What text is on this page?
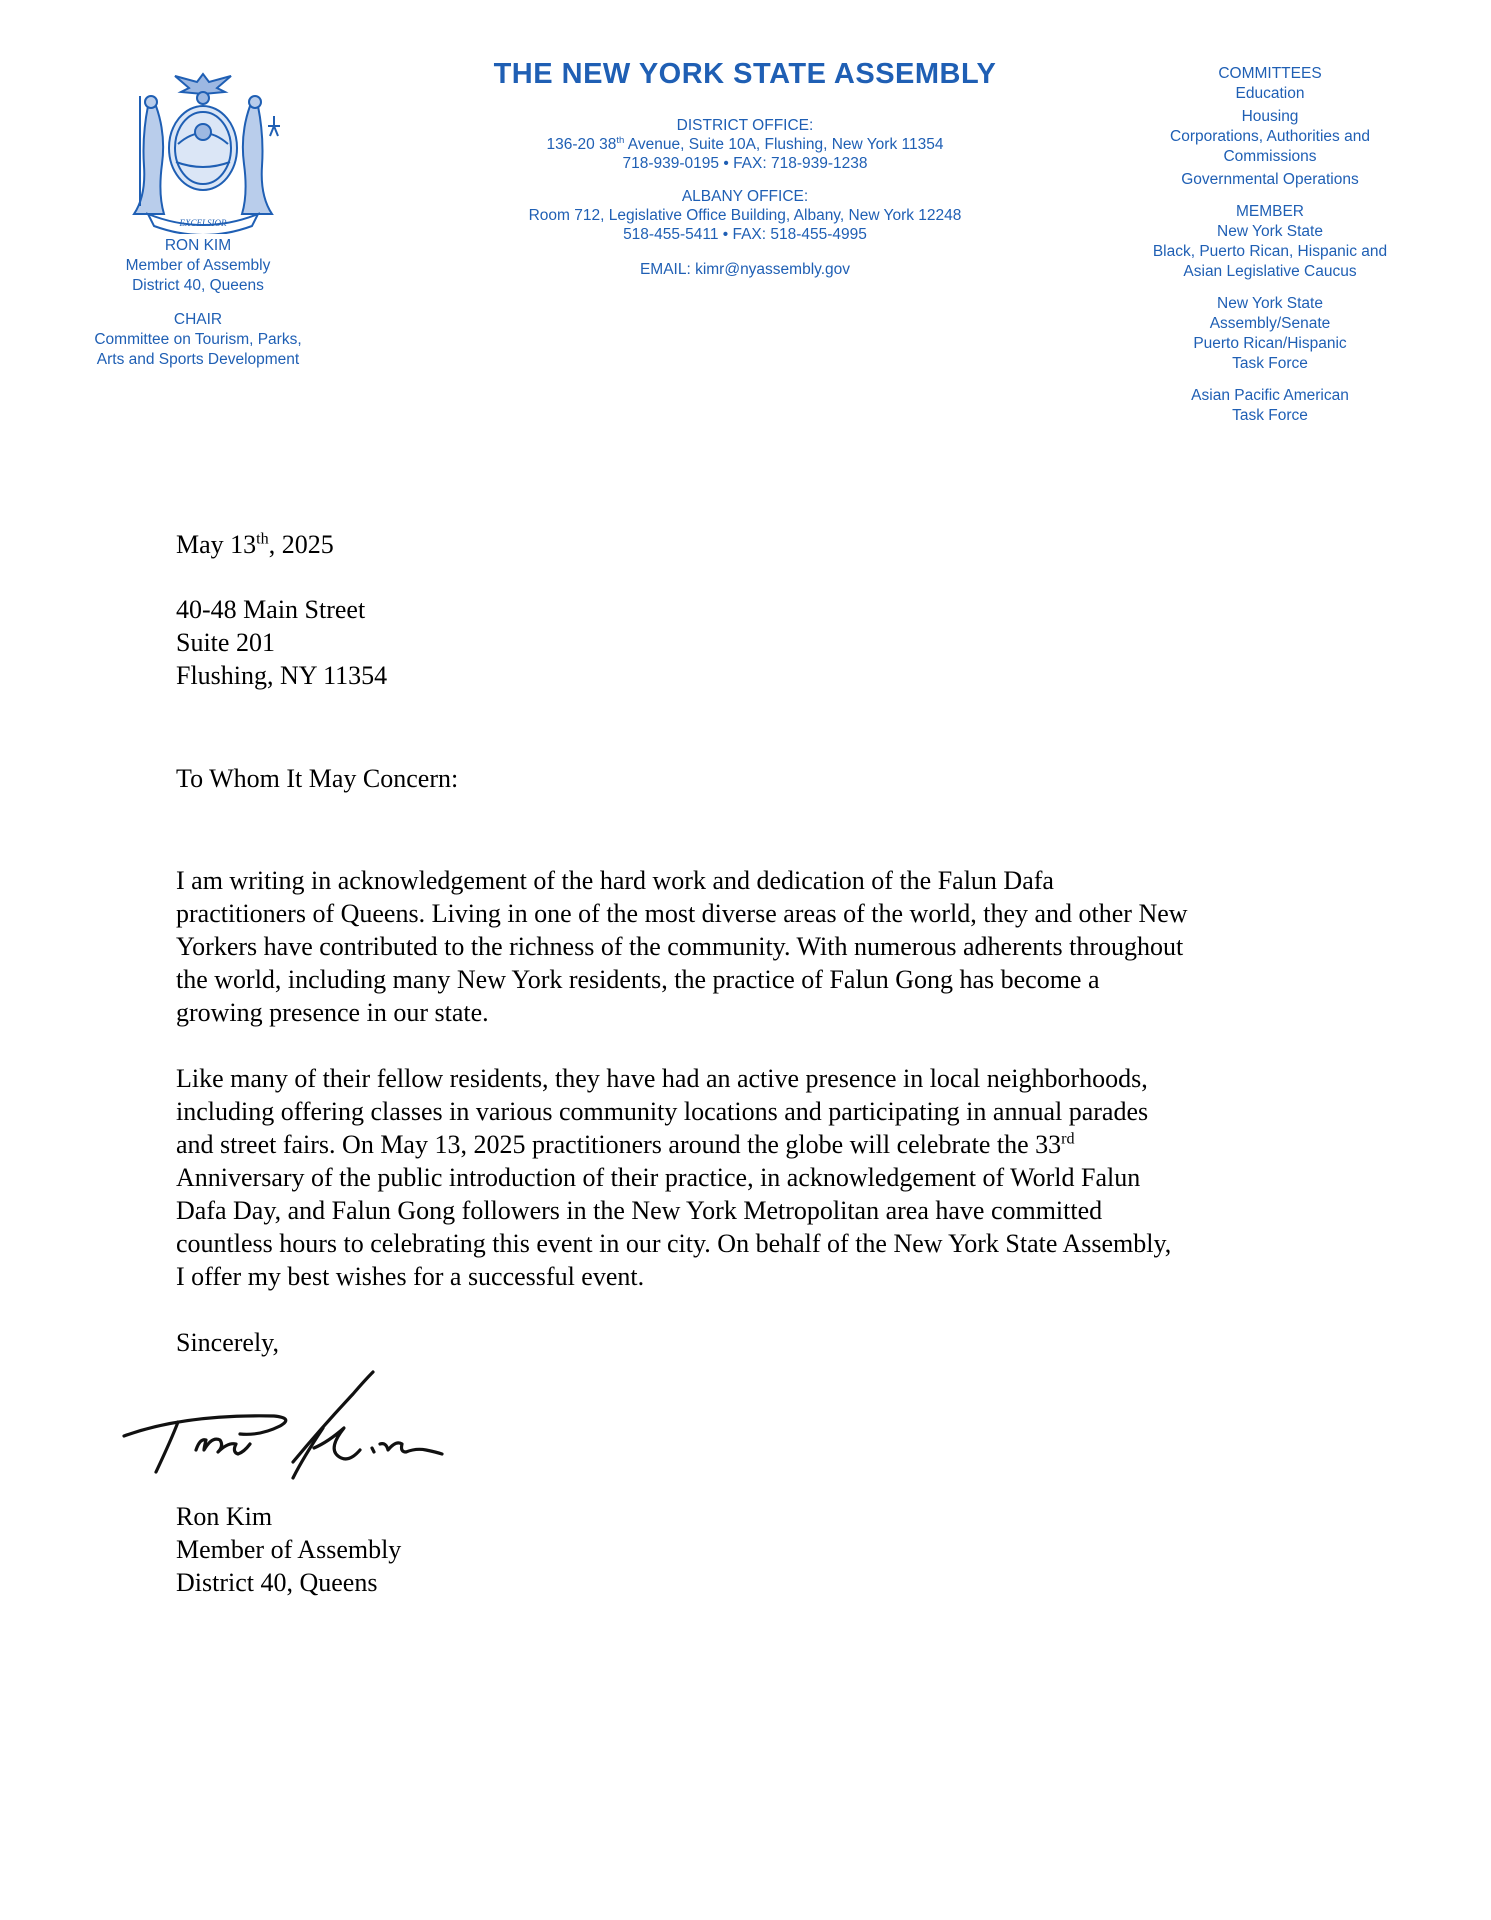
EXCELSIOR
RON KIM
Member of Assembly
District 40, Queens
CHAIR
Committee on Tourism, Parks,
Arts and Sports Development
THE NEW YORK STATE ASSEMBLY
DISTRICT OFFICE:
136-20 38th Avenue, Suite 10A, Flushing, New York 11354
718-939-0195 • FAX: 718-939-1238
ALBANY OFFICE:
Room 712, Legislative Office Building, Albany, New York 12248
518-455-5411 • FAX: 518-455-4995
EMAIL: kimr@nyassembly.gov
COMMITTEES
Education
Housing
Corporations, Authorities and
Commissions
Governmental Operations
MEMBER
New York State
Black, Puerto Rican, Hispanic and
Asian Legislative Caucus
New York State
Assembly/Senate
Puerto Rican/Hispanic
Task Force
Asian Pacific American
Task Force

May 13th, 2025

40-48 Main Street

Suite 201

Flushing, NY 11354

To Whom It May Concern:

I am writing in acknowledgement of the hard work and dedication of the Falun Dafa

practitioners of Queens. Living in one of the most diverse areas of the world, they and other New

Yorkers have contributed to the richness of the community. With numerous adherents throughout

the world, including many New York residents, the practice of Falun Gong has become a

growing presence in our state.

Like many of their fellow residents, they have had an active presence in local neighborhoods,

including offering classes in various community locations and participating in annual parades

and street fairs. On May 13, 2025 practitioners around the globe will celebrate the 33rd

Anniversary of the public introduction of their practice, in acknowledgement of World Falun

Dafa Day, and Falun Gong followers in the New York Metropolitan area have committed

countless hours to celebrating this event in our city. On behalf of the New York State Assembly,

I offer my best wishes for a successful event.

Sincerely,

Ron Kim
Member of Assembly
District 40, Queens
